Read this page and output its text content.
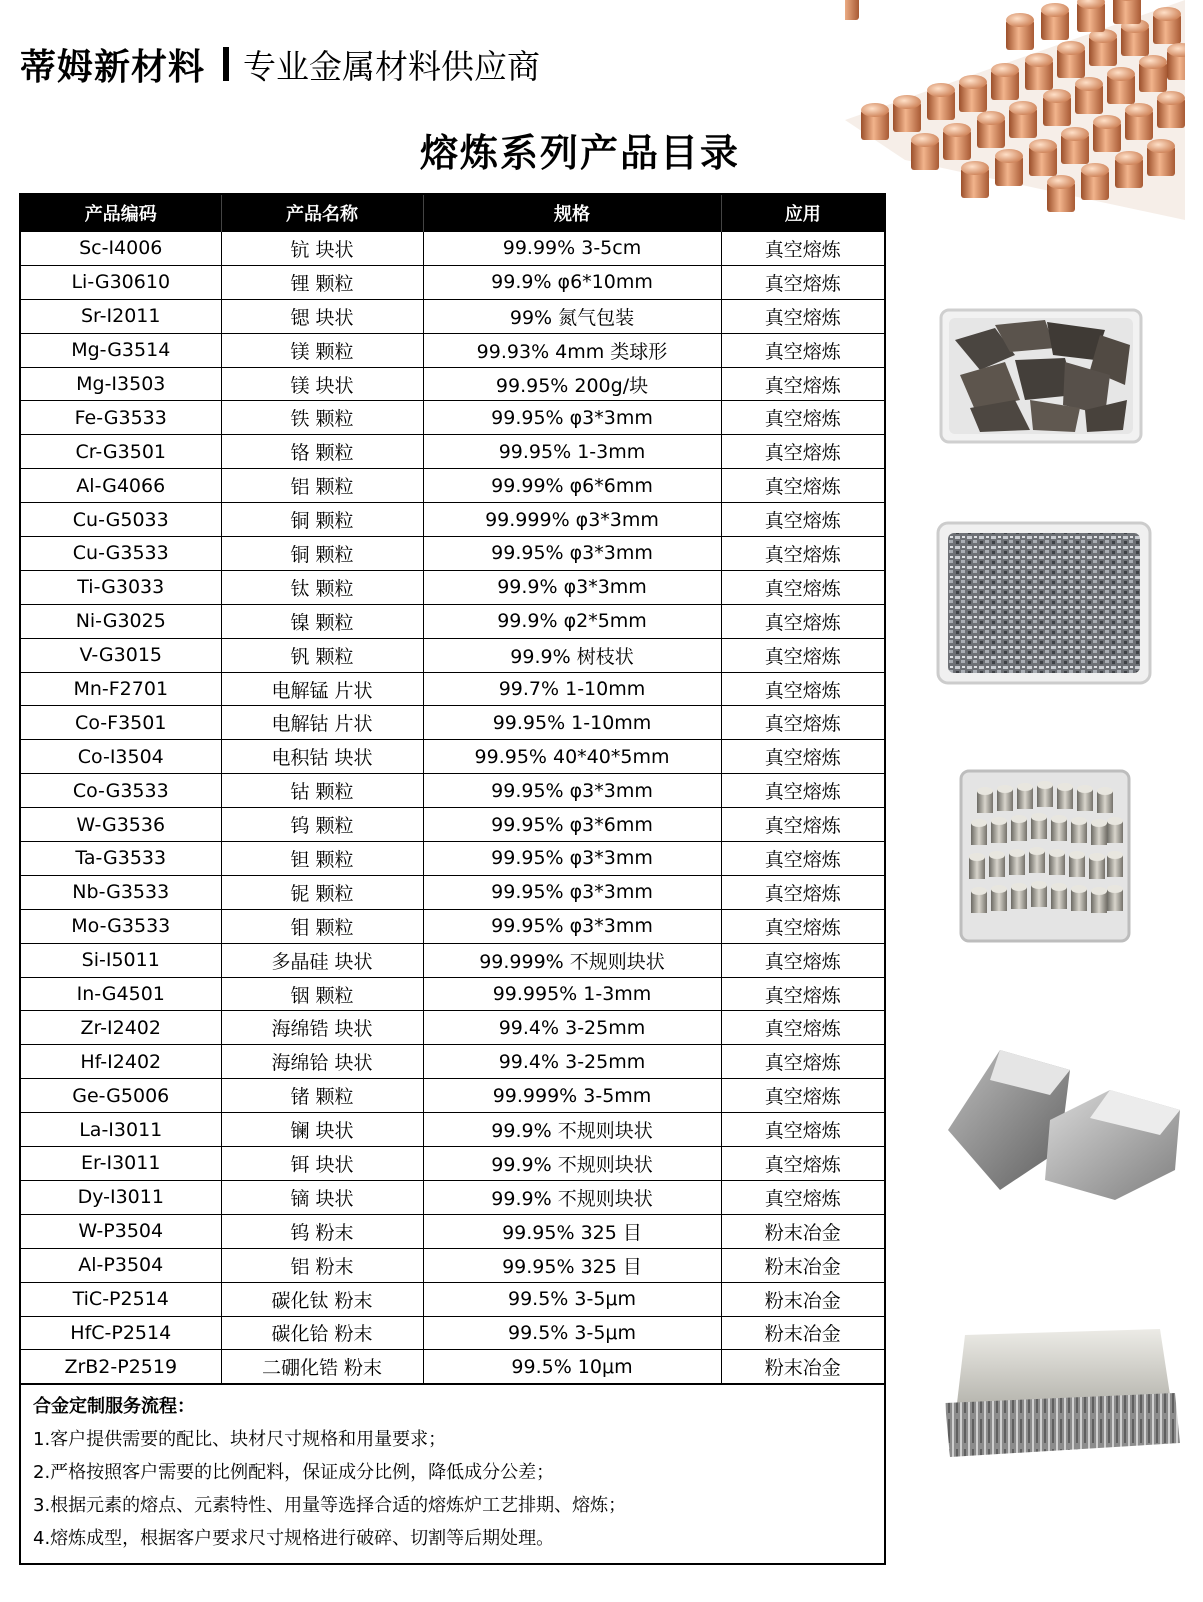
蒂姆新材料 专业金属材料供应商
熔炼系列产品目录
产品编码	产品名称	规格	应用
Sc-I4006	钪 块状	99.99% 3-5cm	真空熔炼
Li-G30610	锂 颗粒	99.9% φ6*10mm	真空熔炼
Sr-I2011	锶 块状	99% 氮气包装	真空熔炼
Mg-G3514	镁 颗粒	99.93% 4mm 类球形	真空熔炼
Mg-I3503	镁 块状	99.95% 200g/块	真空熔炼
Fe-G3533	铁 颗粒	99.95% φ3*3mm	真空熔炼
Cr-G3501	铬 颗粒	99.95% 1-3mm	真空熔炼
Al-G4066	铝 颗粒	99.99% φ6*6mm	真空熔炼
Cu-G5033	铜 颗粒	99.999% φ3*3mm	真空熔炼
Cu-G3533	铜 颗粒	99.95% φ3*3mm	真空熔炼
Ti-G3033	钛 颗粒	99.9% φ3*3mm	真空熔炼
Ni-G3025	镍 颗粒	99.9% φ2*5mm	真空熔炼
V-G3015	钒 颗粒	99.9% 树枝状	真空熔炼
Mn-F2701	电解锰 片状	99.7% 1-10mm	真空熔炼
Co-F3501	电解钴 片状	99.95% 1-10mm	真空熔炼
Co-I3504	电积钴 块状	99.95% 40*40*5mm	真空熔炼
Co-G3533	钴 颗粒	99.95% φ3*3mm	真空熔炼
W-G3536	钨 颗粒	99.95% φ3*6mm	真空熔炼
Ta-G3533	钽 颗粒	99.95% φ3*3mm	真空熔炼
Nb-G3533	铌 颗粒	99.95% φ3*3mm	真空熔炼
Mo-G3533	钼 颗粒	99.95% φ3*3mm	真空熔炼
Si-I5011	多晶硅 块状	99.999% 不规则块状	真空熔炼
In-G4501	铟 颗粒	99.995% 1-3mm	真空熔炼
Zr-I2402	海绵锆 块状	99.4% 3-25mm	真空熔炼
Hf-I2402	海绵铪 块状	99.4% 3-25mm	真空熔炼
Ge-G5006	锗 颗粒	99.999% 3-5mm	真空熔炼
La-I3011	镧 块状	99.9% 不规则块状	真空熔炼
Er-I3011	铒 块状	99.9% 不规则块状	真空熔炼
Dy-I3011	镝 块状	99.9% 不规则块状	真空熔炼
W-P3504	钨 粉末	99.95% 325 目	粉末冶金
Al-P3504	铝 粉末	99.95% 325 目	粉末冶金
TiC-P2514	碳化钛 粉末	99.5% 3-5μm	粉末冶金
HfC-P2514	碳化铪 粉末	99.5% 3-5μm	粉末冶金
ZrB2-P2519	二硼化锆 粉末	99.5% 10μm	粉末冶金
合金定制服务流程：
1.客户提供需要的配比、块材尺寸规格和用量要求；
2.严格按照客户需要的比例配料，保证成分比例，降低成分公差；
3.根据元素的熔点、元素特性、用量等选择合适的熔炼炉工艺排期、熔炼；
4.熔炼成型，根据客户要求尺寸规格进行破碎、切割等后期处理。
